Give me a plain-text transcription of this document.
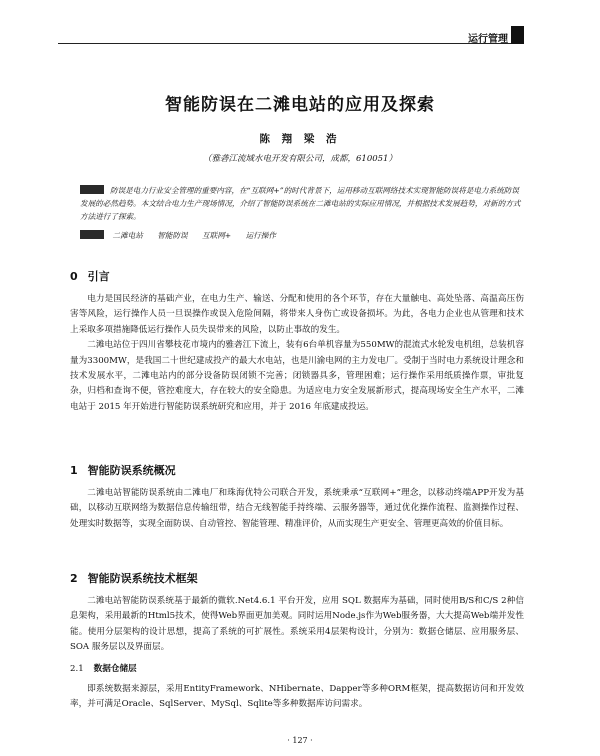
运行管理
智能防误在二滩电站的应用及探索
陈 翔 梁 浩
（雅砻江流域水电开发有限公司，成都，610051）
防误是电力行业安全管理的重要内容，在“互联网+”的时代背景下，运用移动互联网络技术实现智能防误将是电力系统防误发展的必然趋势。本文结合电力生产现场情况，介绍了智能防误系统在二滩电站的实际应用情况，并根据技术发展趋势，对新的方式方法进行了探索。
二滩电站 智能防误 互联网+ 运行操作
0 引言

电力是国民经济的基础产业，在电力生产、输送、分配和使用的各个环节，存在大量触电、高处坠落、高温高压伤害等风险，运行操作人员一旦误操作或误入危险间隔，将带来人身伤亡或设备损坏。为此，各电力企业也从管理和技术上采取多项措施降低运行操作人员失误带来的风险，以防止事故的发生。

二滩电站位于四川省攀枝花市境内的雅砻江下流上，装有6台单机容量为550MW的混流式水轮发电机组，总装机容量为3300MW，是我国二十世纪建成投产的最大水电站，也是川渝电网的主力发电厂。受制于当时电力系统设计理念和技术发展水平，二滩电站内的部分设备防误闭锁不完善；闭锁器具多，管理困难；运行操作采用纸质操作票，审批复杂，归档和查询不便，管控难度大，存在较大的安全隐患。为适应电力安全发展新形式，提高现场安全生产水平，二滩电站于 2015 年开始进行智能防误系统研究和应用，并于 2016 年底建成投运。

1 智能防误系统概况

二滩电站智能防误系统由二滩电厂和珠海优特公司联合开发，系统秉承“互联网+”理念，以移动终端APP开发为基础，以移动互联网络为数据信息传输纽带，结合无线智能手持终端、云服务器等，通过优化操作流程、监测操作过程、处理实时数据等，实现全面防误、自动管控、智能管理、精准评价，从而实现生产更安全、管理更高效的价值目标。

2 智能防误系统技术框架

二滩电站智能防误系统基于最新的微软.Net4.6.1 平台开发，应用 SQL 数据库为基础，同时使用B/S和C/S 2种信息架构，采用最新的Html5技术，使得Web界面更加美观。同时运用Node.js作为Web服务器，大大提高Web端并发性能。使用分层架构的设计思想，提高了系统的可扩展性。系统采用4层架构设计，分别为：数据仓储层、应用服务层、SOA 服务层以及界面层。

2.1 数据仓储层

即系统数据来源层，采用EntityFramework、NHibernate、Dapper等多种ORM框架，提高数据访问和开发效率，并可满足Oracle、SqlServer、MySql、Sqlite等多种数据库访问需求。

· 127 ·
